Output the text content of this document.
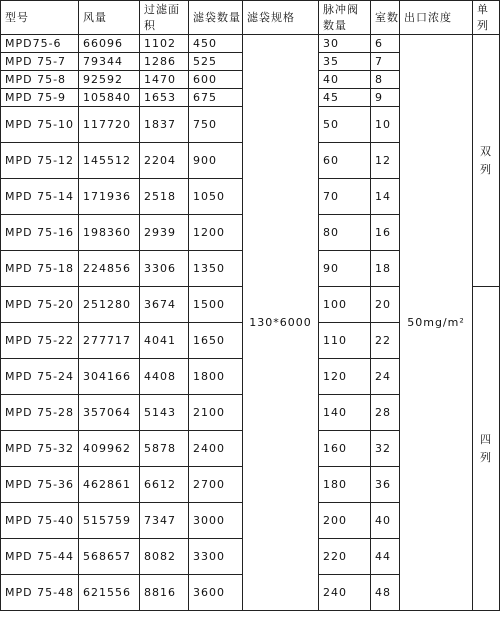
型号	风量	过滤面积	滤袋数量	滤袋规格	脉冲阀数量	室数	出口浓度	单列
MPD75-6	66096	1102	450	130*6000	30	6	50mg/m²	双列

MPD 75-7	79344	1286	525		35	7		
MPD 75-8	92592	1470	600		40	8		
MPD 75-9	105840	1653	675		45	9		
MPD 75-10	117720	1837	750		50	10		
MPD 75-12	145512	2204	900		60	12		
MPD 75-14	171936	2518	1050		70	14		
MPD 75-16	198360	2939	1200		80	16		
MPD 75-18	224856	3306	1350		90	18		
MPD 75-20	251280	3674	1500		100	20		四列

MPD 75-22	277717	4041	1650		110	22		
MPD 75-24	304166	4408	1800		120	24		
MPD 75-28	357064	5143	2100		140	28		
MPD 75-32	409962	5878	2400		160	32		
MPD 75-36	462861	6612	2700		180	36		
MPD 75-40	515759	7347	3000		200	40		
MPD 75-44	568657	8082	3300		220	44		
MPD 75-48	621556	8816	3600		240	48		
